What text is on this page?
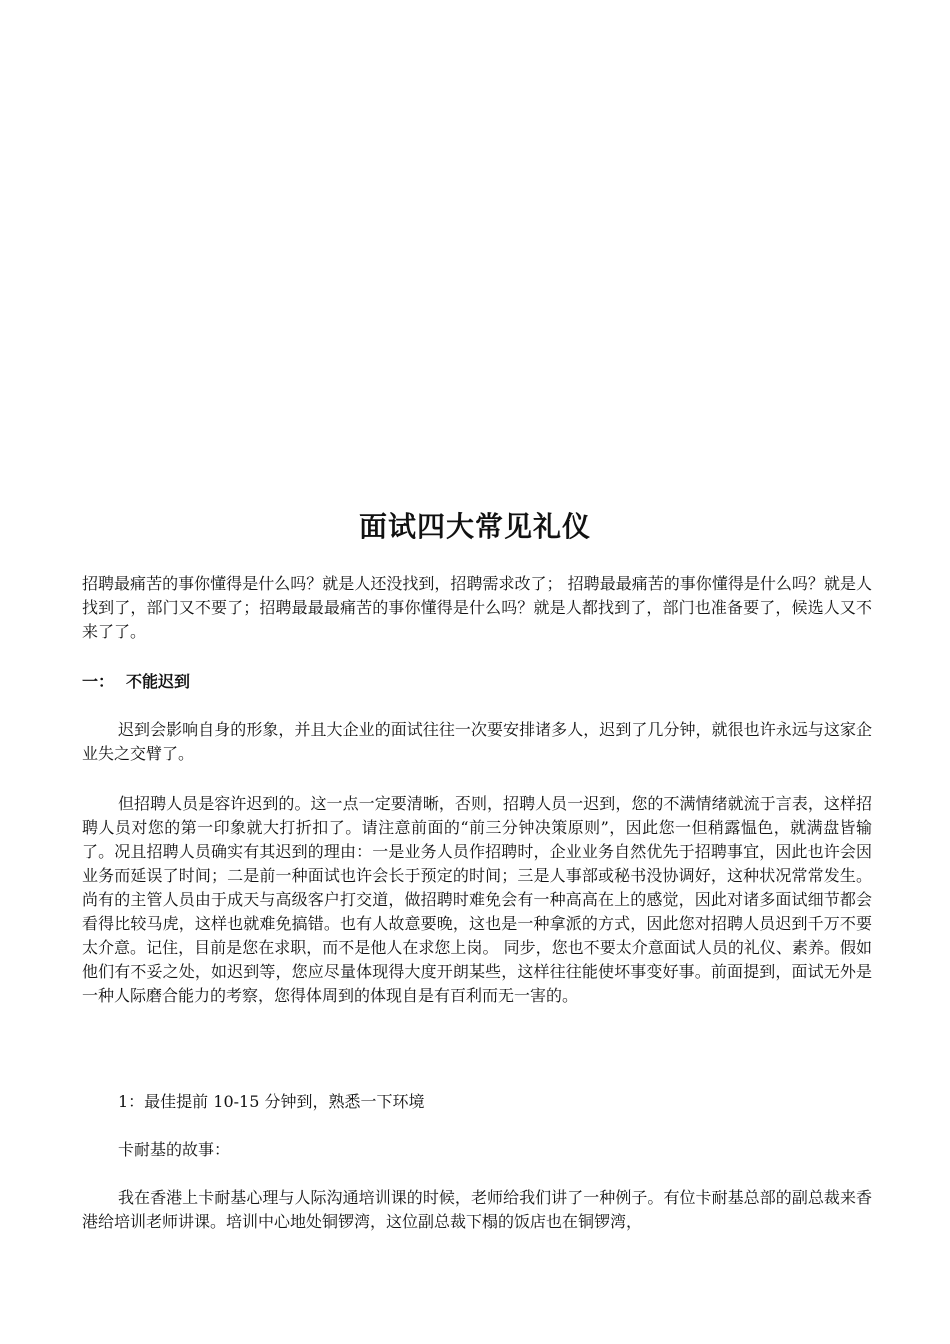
面试四大常见礼仪

招聘最痛苦的事你懂得是什么吗？就是人还没找到，招聘需求改了； 招聘最最痛苦的事你懂得是什么吗？就是人找到了，部门又不要了；招聘最最最痛苦的事你懂得是什么吗？就是人都找到了，部门也准备要了，候选人又不来了了。

一： 不能迟到

迟到会影响自身的形象，并且大企业的面试往往一次要安排诸多人，迟到了几分钟，就很也许永远与这家企业失之交臂了。

但招聘人员是容许迟到的。这一点一定要清晰，否则，招聘人员一迟到，您的不满情绪就流于言表，这样招聘人员对您的第一印象就大打折扣了。请注意前面的“前三分钟决策原则”，因此您一但稍露愠色，就满盘皆输了。况且招聘人员确实有其迟到的理由：一是业务人员作招聘时，企业业务自然优先于招聘事宜，因此也许会因业务而延误了时间；二是前一种面试也许会长于预定的时间；三是人事部或秘书没协调好，这种状况常常发生。尚有的主管人员由于成天与高级客户打交道，做招聘时难免会有一种高高在上的感觉，因此对诸多面试细节都会看得比较马虎，这样也就难免搞错。也有人故意要晚，这也是一种拿派的方式，因此您对招聘人员迟到千万不要太介意。记住，目前是您在求职，而不是他人在求您上岗。 同步，您也不要太介意面试人员的礼仪、素养。假如他们有不妥之处，如迟到等，您应尽量体现得大度开朗某些，这样往往能使坏事变好事。前面提到，面试无外是一种人际磨合能力的考察，您得体周到的体现自是有百利而无一害的。

1：最佳提前 10-15 分钟到，熟悉一下环境

卡耐基的故事：

我在香港上卡耐基心理与人际沟通培训课的时候，老师给我们讲了一种例子。有位卡耐基总部的副总裁来香港给培训老师讲课。培训中心地处铜锣湾，这位副总裁下榻的饭店也在铜锣湾，
